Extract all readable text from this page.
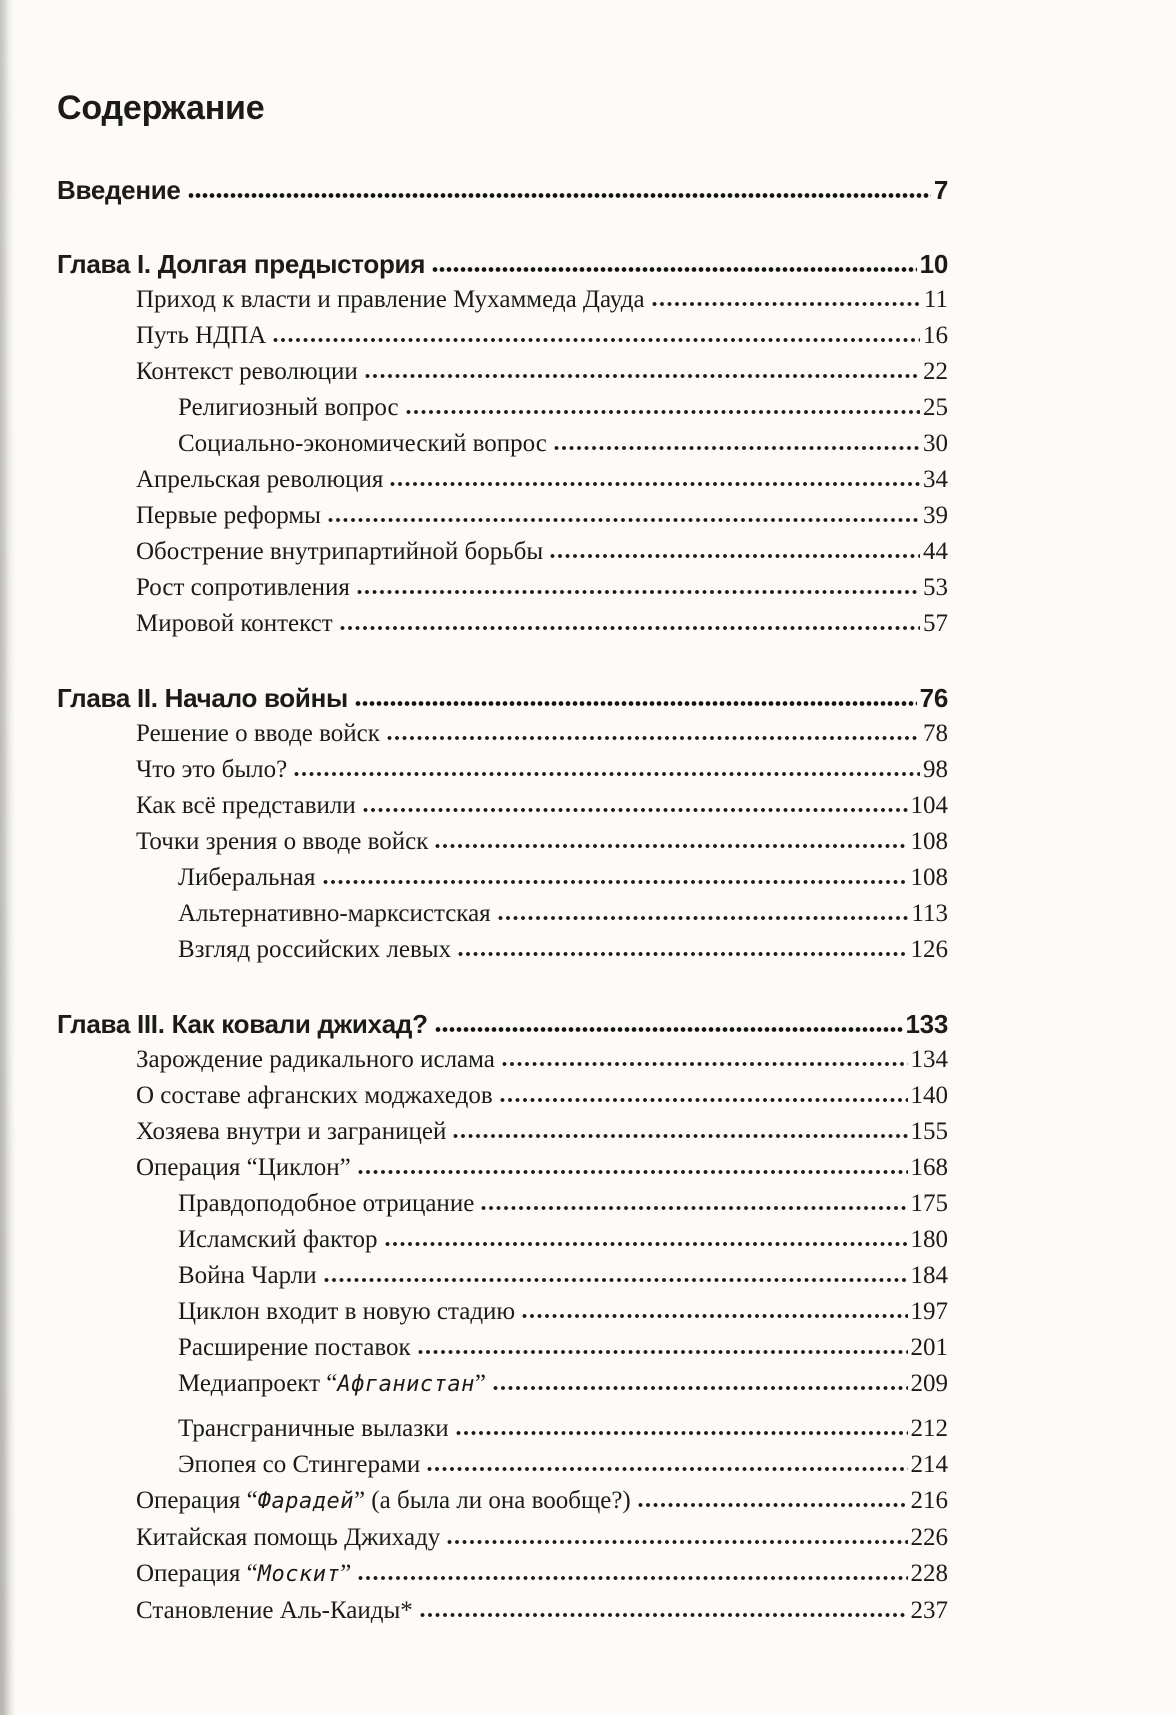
Содержание
Введение	7
Глава I. Долгая предыстория	10
Приход к власти и правление Мухаммеда Дауда	11
Путь НДПА	16
Контекст революции	22
Религиозный вопрос	25
Социально-экономический вопрос	30
Апрельская революция	34
Первые реформы	39
Обострение внутрипартийной борьбы	44
Рост сопротивления	53
Мировой контекст	57
Глава II. Начало войны	76
Решение о вводе войск	78
Что это было?	98
Как всё представили	104
Точки зрения о вводе войск	108
Либеральная	108
Альтернативно-марксистская	113
Взгляд российских левых	126
Глава III. Как ковали джихад?	133
Зарождение радикального ислама	134
О составе афганских моджахедов	140
Хозяева внутри и заграницей	155
Операция “Циклон”	168
Правдоподобное отрицание	175
Исламский фактор	180
Война Чарли	184
Циклон входит в новую стадию	197
Расширение поставок	201
Медиапроект “Афганистан”	209
Трансграничные вылазки	212
Эпопея со Стингерами	214
Операция “Фарадей” (а была ли она вообще?)	216
Китайская помощь Джихаду	226
Операция “Москит”	228
Становление Аль-Каиды*	237
